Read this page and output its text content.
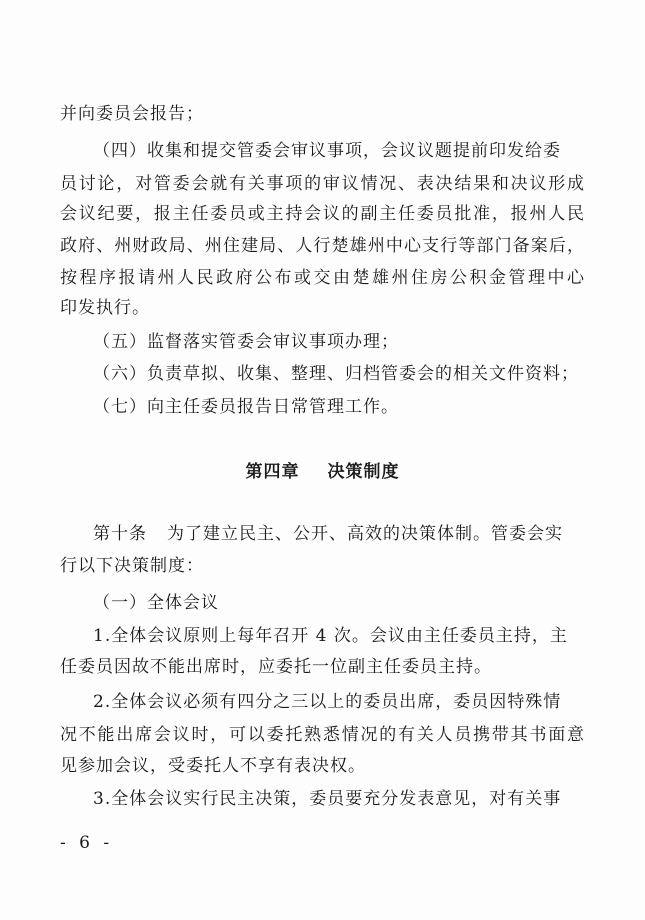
并向委员会报告；
（四）收集和提交管委会审议事项，会议议题提前印发给委
员讨论，对管委会就有关事项的审议情况、表决结果和决议形成
会议纪要，报主任委员或主持会议的副主任委员批准，报州人民
政府、州财政局、州住建局、人行楚雄州中心支行等部门备案后，
按程序报请州人民政府公布或交由楚雄州住房公积金管理中心
印发执行。
（五）监督落实管委会审议事项办理；
（六）负责草拟、收集、整理、归档管委会的相关文件资料；
（七）向主任委员报告日常管理工作。
第四章 决策制度
第十条 为了建立民主、公开、高效的决策体制。管委会实
行以下决策制度：
（一）全体会议
1.全体会议原则上每年召开 4 次。会议由主任委员主持，主
任委员因故不能出席时，应委托一位副主任委员主持。
2.全体会议必须有四分之三以上的委员出席，委员因特殊情
况不能出席会议时，可以委托熟悉情况的有关人员携带其书面意
见参加会议，受委托人不享有表决权。
3.全体会议实行民主决策，委员要充分发表意见，对有关事
- 6 -
